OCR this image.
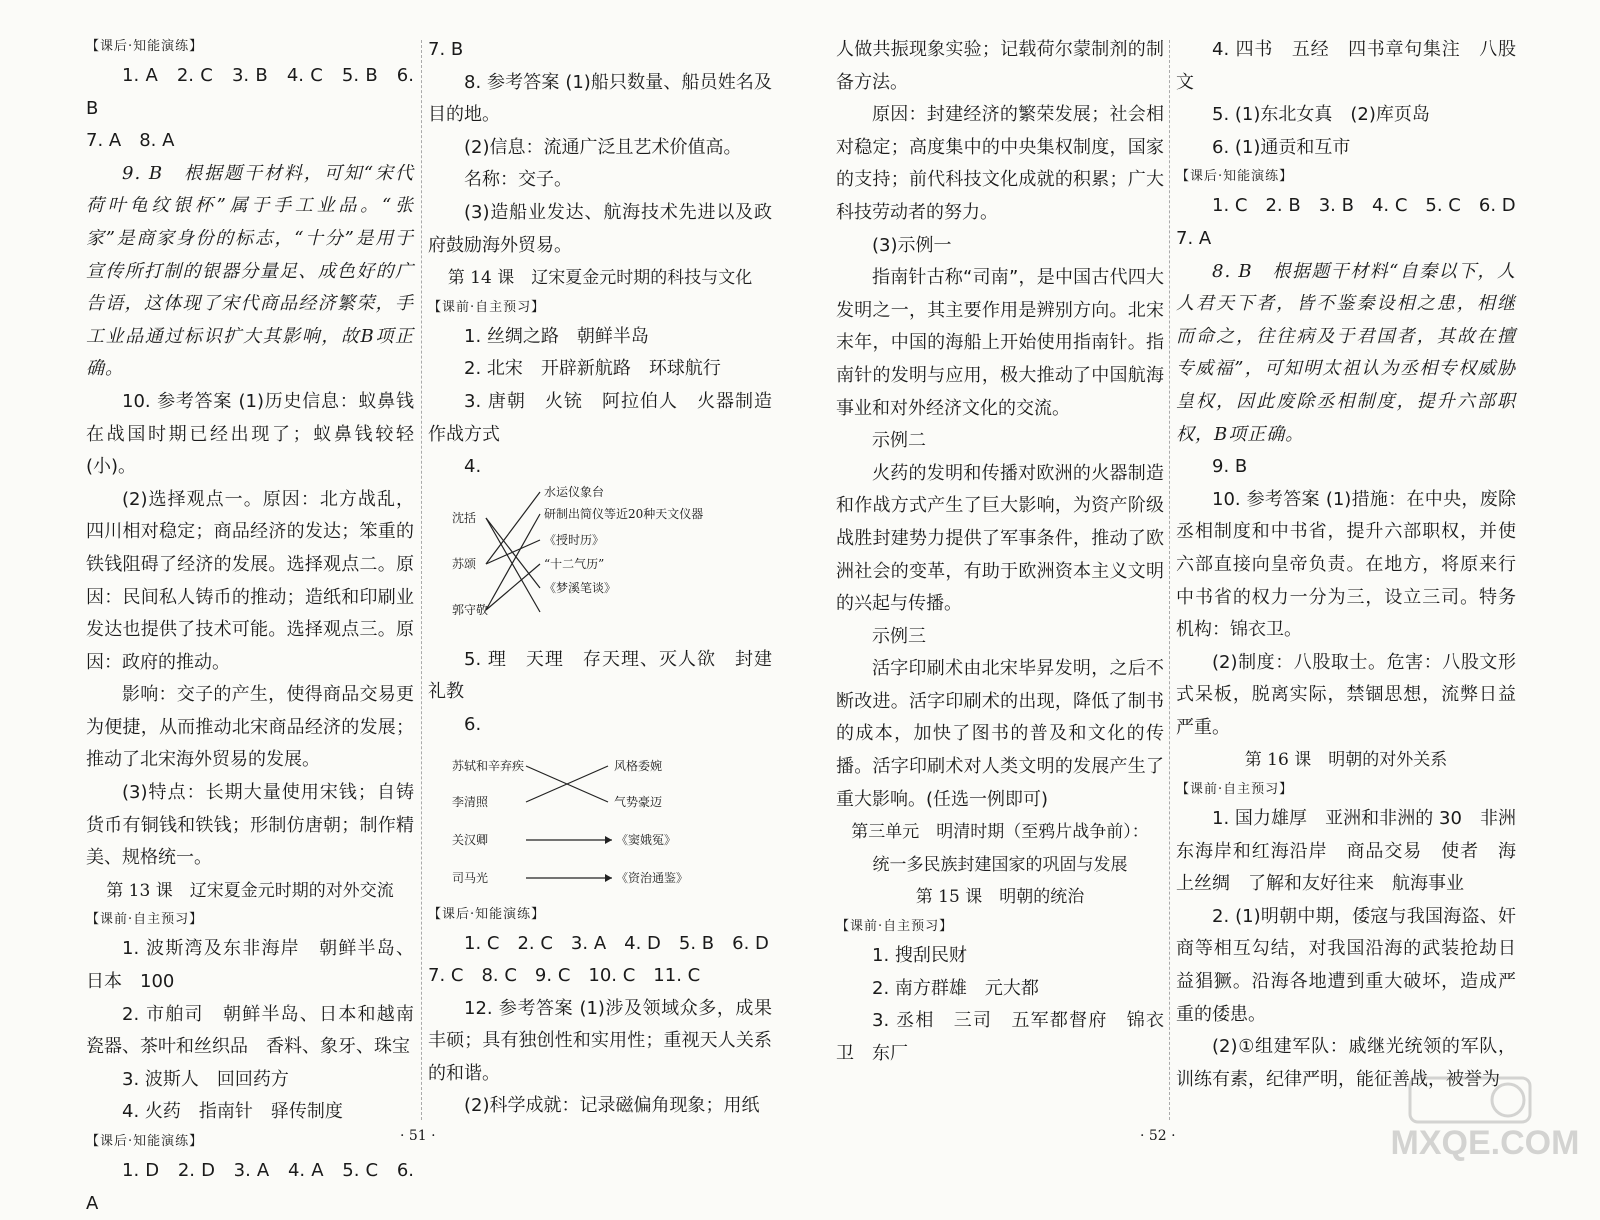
【课后·知能演练】

1. A　2. C　3. B　4. C　5. B　6. B

7. A　8. A

9. B　根据题干材料，可知“宋代荷叶龟纹银杯”属于手工业品。“张家”是商家身份的标志，“十分”是用于宣传所打制的银器分量足、成色好的广告语，这体现了宋代商品经济繁荣，手工业品通过标识扩大其影响，故B项正确。

10. 参考答案 (1)历史信息：蚁鼻钱在战国时期已经出现了；蚁鼻钱较轻(小)。

(2)选择观点一。原因：北方战乱，四川相对稳定；商品经济的发达；笨重的铁钱阻碍了经济的发展。选择观点二。原因：民间私人铸币的推动；造纸和印刷业发达也提供了技术可能。选择观点三。原因：政府的推动。

影响：交子的产生，使得商品交易更为便捷，从而推动北宋商品经济的发展；推动了北宋海外贸易的发展。

(3)特点：长期大量使用宋钱；自铸货币有铜钱和铁钱；形制仿唐朝；制作精美、规格统一。

第 13 课　辽宋夏金元时期的对外交流

【课前·自主预习】

1. 波斯湾及东非海岸　朝鲜半岛、日本　100

2. 市舶司　朝鲜半岛、日本和越南　瓷器、茶叶和丝织品　香料、象牙、珠宝

3. 波斯人　回回药方

4. 火药　指南针　驿传制度

【课后·知能演练】

1. D　2. D　3. A　4. A　5. C　6. A

7. B

8. 参考答案 (1)船只数量、船员姓名及目的地。

(2)信息：流通广泛且艺术价值高。

名称：交子。

(3)造船业发达、航海技术先进以及政府鼓励海外贸易。

第 14 课　辽宋夏金元时期的科技与文化

【课前·自主预习】

1. 丝绸之路　朝鲜半岛

2. 北宋　开辟新航路　环球航行

3. 唐朝　火铳　阿拉伯人　火器制造作战方式

4.

沈括
苏颂
郭守敬
水运仪象台
研制出简仪等近20种天文仪器
《授时历》
“十二气历”
《梦溪笔谈》

5. 理　天理　存天理、灭人欲　封建礼教

6.

苏轼和辛弃疾
李清照
关汉卿
司马光
风格委婉
气势豪迈
《窦娥冤》
《资治通鉴》

【课后·知能演练】

1. C　2. C　3. A　4. D　5. B　6. D

7. C　8. C　9. C　10. C　11. C

12. 参考答案 (1)涉及领域众多，成果丰硕；具有独创性和实用性；重视天人关系的和谐。

(2)科学成就：记录磁偏角现象；用纸

人做共振现象实验；记载荷尔蒙制剂的制备方法。

原因：封建经济的繁荣发展；社会相对稳定；高度集中的中央集权制度，国家的支持；前代科技文化成就的积累；广大科技劳动者的努力。

(3)示例一

指南针古称“司南”，是中国古代四大发明之一，其主要作用是辨别方向。北宋末年，中国的海船上开始使用指南针。指南针的发明与应用，极大推动了中国航海事业和对外经济文化的交流。

示例二

火药的发明和传播对欧洲的火器制造和作战方式产生了巨大影响，为资产阶级战胜封建势力提供了军事条件，推动了欧洲社会的变革，有助于欧洲资本主义文明的兴起与传播。

示例三

活字印刷术由北宋毕昇发明，之后不断改进。活字印刷术的出现，降低了制书的成本，加快了图书的普及和文化的传播。活字印刷术对人类文明的发展产生了重大影响。(任选一例即可)

第三单元　明清时期（至鸦片战争前）：

统一多民族封建国家的巩固与发展

第 15 课　明朝的统治

【课前·自主预习】

1. 搜刮民财

2. 南方群雄　元大都

3. 丞相　三司　五军都督府　锦衣卫　东厂

4. 四书　五经　四书章句集注　八股文

5. (1)东北女真　(2)库页岛

6. (1)通贡和互市

【课后·知能演练】

1. C　2. B　3. B　4. C　5. C　6. D

7. A

8. B　根据题干材料“自秦以下，人人君天下者，皆不鉴秦设相之患，相继而命之，往往病及于君国者，其故在擅专威福”，可知明太祖认为丞相专权威胁皇权，因此废除丞相制度，提升六部职权，B项正确。

9. B

10. 参考答案 (1)措施：在中央，废除丞相制度和中书省，提升六部职权，并使六部直接向皇帝负责。在地方，将原来行中书省的权力一分为三，设立三司。特务机构：锦衣卫。

(2)制度：八股取士。危害：八股文形式呆板，脱离实际，禁锢思想，流弊日益严重。

第 16 课　明朝的对外关系

【课前·自主预习】

1. 国力雄厚　亚洲和非洲的 30　非洲东海岸和红海沿岸　商品交易　使者　海上丝绸　了解和友好往来　航海事业

2. (1)明朝中期，倭寇与我国海盗、奸商等相互勾结，对我国沿海的武装抢劫日益猖獗。沿海各地遭到重大破坏，造成严重的倭患。

(2)①组建军队：戚继光统领的军队，训练有素，纪律严明，能征善战，被誉为

· 51 ·	· 52 ·	MXQE.COM
